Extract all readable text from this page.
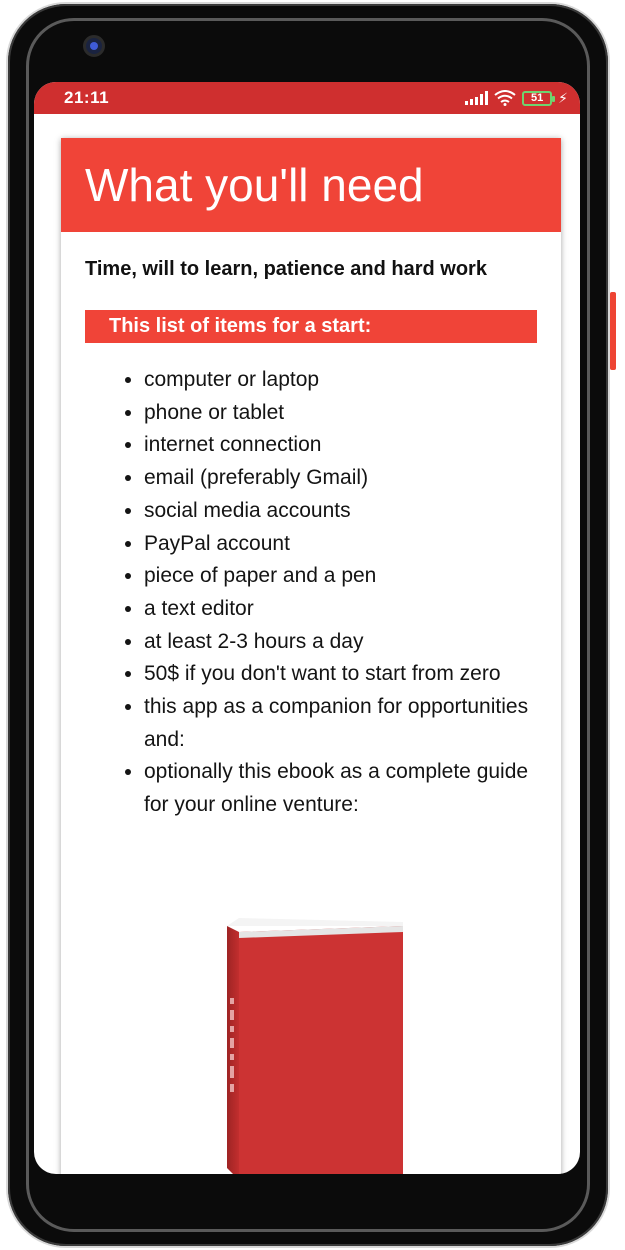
21:11	51	⚡
What you'll need
Time, will to learn, patience and hard work
This list of items for a start:
• computer or laptop
• phone or tablet
• internet connection
• email (preferably Gmail)
• social media accounts
• PayPal account
• piece of paper and a pen
• a text editor
• at least 2-3 hours a day
• 50$ if you don't want to start from zero
• this app as a companion for opportunities
and:
• optionally this ebook as a complete guide for your online venture:
